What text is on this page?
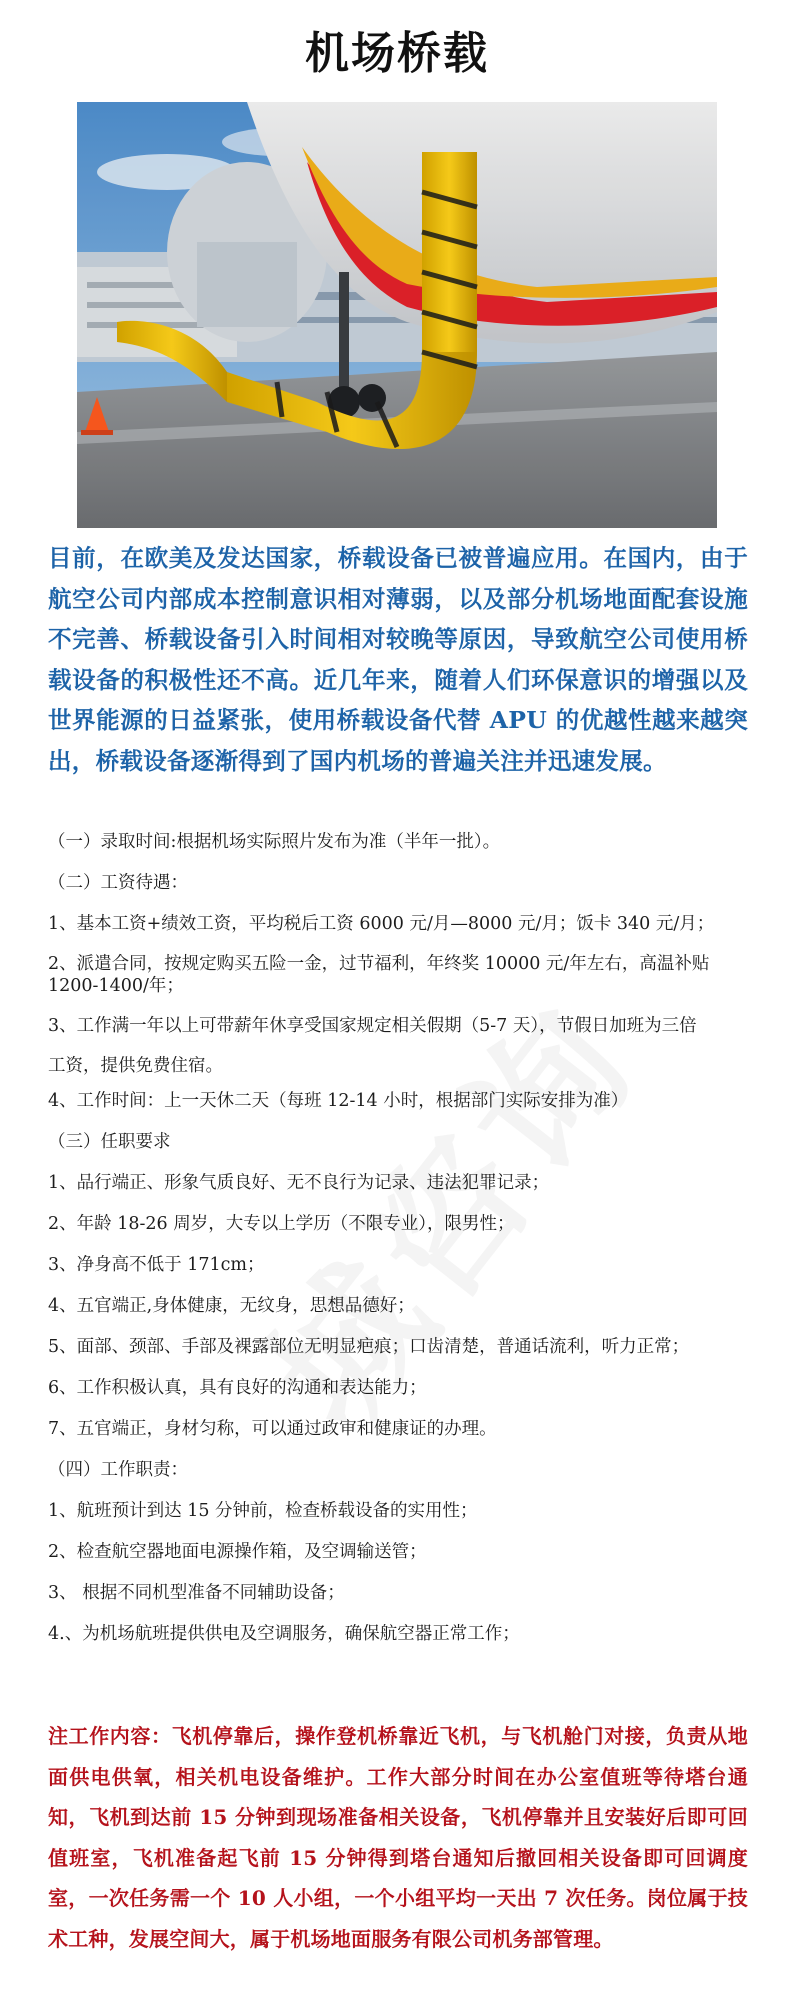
机场桥载
目前，在欧美及发达国家，桥载设备已被普遍应用。在国内，由于航空公司内部成本控制意识相对薄弱，以及部分机场地面配套设施不完善、桥载设备引入时间相对较晚等原因，导致航空公司使用桥载设备的积极性还不高。近几年来，随着人们环保意识的增强以及世界能源的日益紧张，使用桥载设备代替 APU 的优越性越来越突出，桥载设备逐渐得到了国内机场的普遍关注并迅速发展。
（一）录取时间:根据机场实际照片发布为准（半年一批）。
（二）工资待遇：
1、基本工资+绩效工资，平均税后工资 6000 元/月—8000 元/月；饭卡 340 元/月；
2、派遣合同，按规定购买五险一金，过节福利，年终奖 10000 元/年左右，高温补贴 1200-1400/年；
3、工作满一年以上可带薪年休享受国家规定相关假期（5-7 天），节假日加班为三倍
工资，提供免费住宿。
4、工作时间：上一天休二天（每班 12-14 小时，根据部门实际安排为准）
（三）任职要求
1、品行端正、形象气质良好、无不良行为记录、违法犯罪记录；
2、年龄 18-26 周岁，大专以上学历（不限专业），限男性；
3、净身高不低于 171cm；
4、五官端正,身体健康，无纹身，思想品德好；
5、面部、颈部、手部及裸露部位无明显疤痕；口齿清楚，普通话流利，听力正常；
6、工作积极认真，具有良好的沟通和表达能力；
7、五官端正，身材匀称，可以通过政审和健康证的办理。
（四）工作职责：
1、航班预计到达 15 分钟前，检查桥载设备的实用性；
2、检查航空器地面电源操作箱，及空调输送管；
3、 根据不同机型准备不同辅助设备；
4.、为机场航班提供供电及空调服务，确保航空器正常工作；
注工作内容：飞机停靠后，操作登机桥靠近飞机，与飞机舱门对接，负责从地面供电供氧，相关机电设备维护。工作大部分时间在办公室值班等待塔台通知，飞机到达前 15 分钟到现场准备相关设备，飞机停靠并且安装好后即可回值班室，飞机准备起飞前 15 分钟得到塔台通知后撤回相关设备即可回调度室，一次任务需一个 10 人小组，一个小组平均一天出 7 次任务。岗位属于技术工种，发展空间大，属于机场地面服务有限公司机务部管理。
